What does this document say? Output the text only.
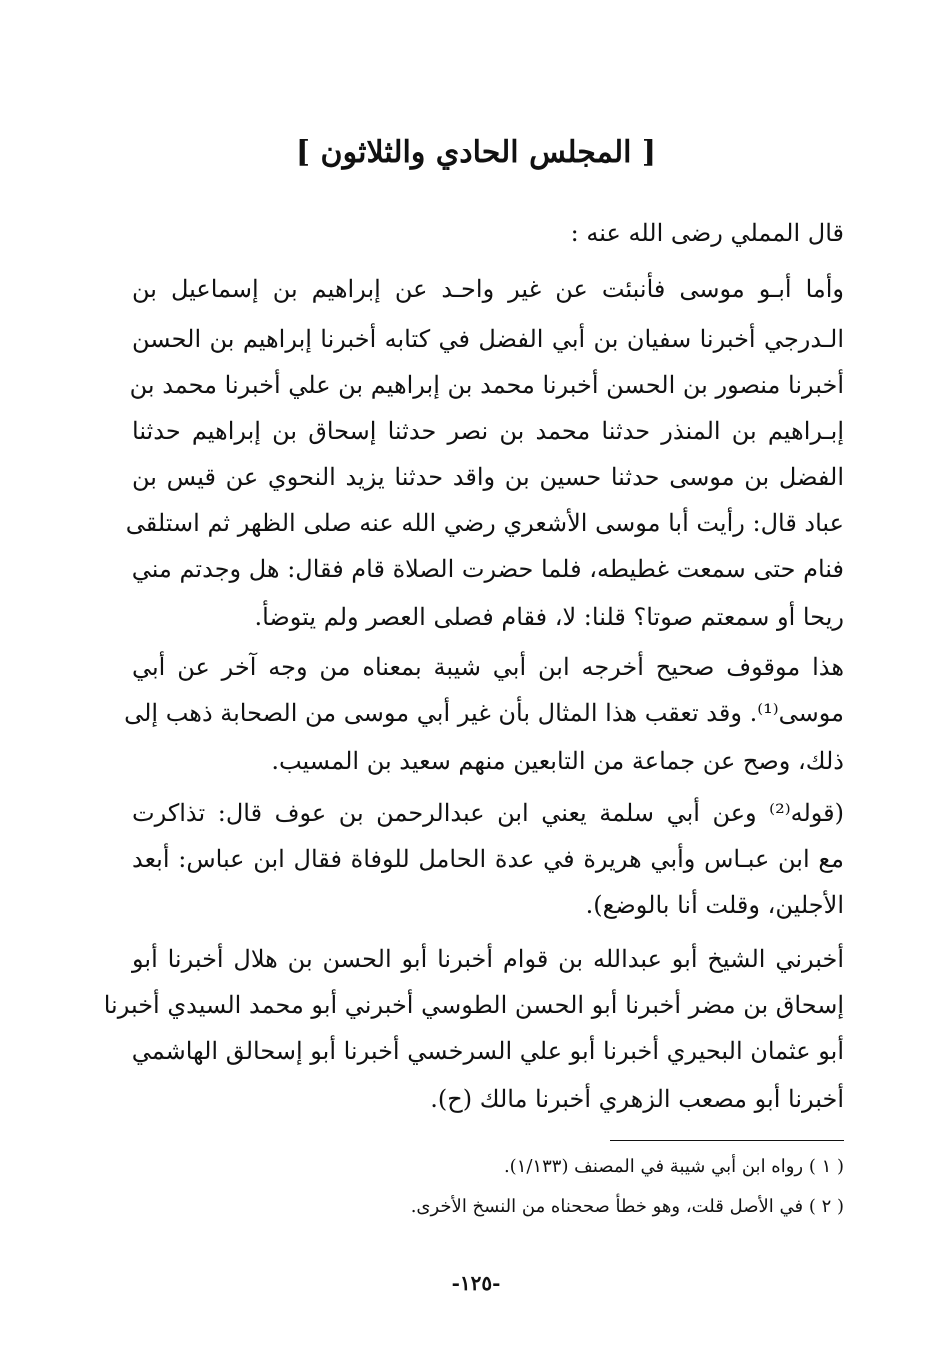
[ المجلس الحادي والثلاثون ]
قال المملي رضى الله عنه :
وأما أبـو موسى فأنبئت عن غير واحـد عن إبراهيم بن إسماعيل بن
الـدرجي أخبرنا سفيان بن أبي الفضل في كتابه أخبرنا إبراهيم بن الحسن
أخبرنا منصور بن الحسن أخبرنا محمد بن إبراهيم بن علي أخبرنا محمد بن
إبـراهيم بن المنذر حدثنا محمد بن نصر حدثنا إسحاق بن إبراهيم حدثنا
الفضل بن موسى حدثنا حسين بن واقد حدثنا يزيد النحوي عن قيس بن
عباد قال: رأيت أبا موسى الأشعري رضي الله عنه صلى الظهر ثم استلقى
فنام حتى سمعت غطيطه، فلما حضرت الصلاة قام فقال: هل وجدتم مني
ريحا أو سمعتم صوتا؟ قلنا: لا، فقام فصلى العصر ولم يتوضأ.
هذا موقوف صحيح أخرجه ابن أبي شيبة بمعناه من وجه آخر عن أبي
موسى⁽¹⁾. وقد تعقب هذا المثال بأن غير أبي موسى من الصحابة ذهب إلى
ذلك، وصح عن جماعة من التابعين منهم سعيد بن المسيب.
(قوله⁽²⁾ وعن أبي سلمة يعني ابن عبدالرحمن بن عوف قال: تذاكرت
مع ابن عبـاس وأبي هريرة في عدة الحامل للوفاة فقال ابن عباس: أبعد
الأجلين، وقلت أنا بالوضع).
أخبرني الشيخ أبو عبدالله بن قوام أخبرنا أبو الحسن بن هلال أخبرنا أبو
إسحاق بن مضر أخبرنا أبو الحسن الطوسي أخبرني أبو محمد السيدي أخبرنا
أبو عثمان البحيري أخبرنا أبو علي السرخسي أخبرنا أبو إسحالق الهاشمي
أخبرنا أبو مصعب الزهري أخبرنا مالك (ح).
( ١ ) رواه ابن أبي شيبة في المصنف (١/١٣٣).
( ٢ ) في الأصل قلت، وهو خطأ صححناه من النسخ الأخرى.
-١٢٥-
